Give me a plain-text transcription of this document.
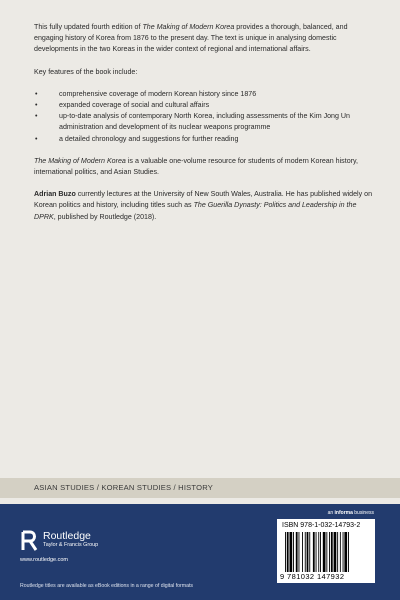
This fully updated fourth edition of The Making of Modern Korea provides a thorough, balanced, and engaging history of Korea from 1876 to the present day. The text is unique in analysing domestic developments in the two Koreas in the wider context of regional and international affairs.

Key features of the book include:

• comprehensive coverage of modern Korean history since 1876
• expanded coverage of social and cultural affairs
• up-to-date analysis of contemporary North Korea, including assessments of the Kim Jong Un administration and development of its nuclear weapons programme
• a detailed chronology and suggestions for further reading

The Making of Modern Korea is a valuable one-volume resource for students of modern Korean history, international politics, and Asian Studies.

Adrian Buzo currently lectures at the University of New South Wales, Australia. He has published widely on Korean politics and history, including titles such as The Guerilla Dynasty: Politics and Leadership in the DPRK, published by Routledge (2018).

ASIAN STUDIES / KOREAN STUDIES / HISTORY
Routledge
Taylor & Francis Group
www.routledge.com
Routledge titles are available as eBook editions in a range of digital formats
an informa business
ISBN 978-1-032-14793-2
9 781032 147932
